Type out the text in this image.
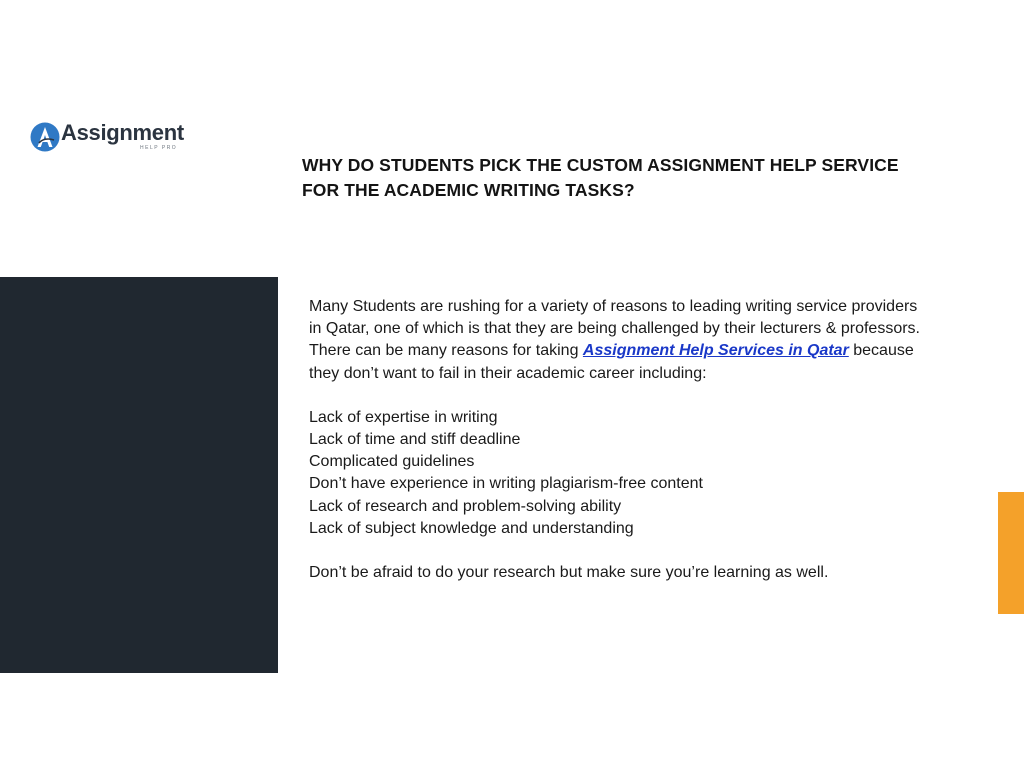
Assignment
HELP PRO
WHY DO STUDENTS PICK THE CUSTOM ASSIGNMENT HELP SERVICE FOR THE ACADEMIC WRITING TASKS?

Many Students are rushing for a variety of reasons to leading writing service providers in Qatar, one of which is that they are being challenged by their lecturers & professors. There can be many reasons for taking Assignment Help Services in Qatar because they don’t want to fail in their academic career including:

Lack of expertise in writing
Lack of time and stiff deadline
Complicated guidelines
Don’t have experience in writing plagiarism-free content
Lack of research and problem-solving ability
Lack of subject knowledge and understanding

Don’t be afraid to do your research but make sure you’re learning as well.
